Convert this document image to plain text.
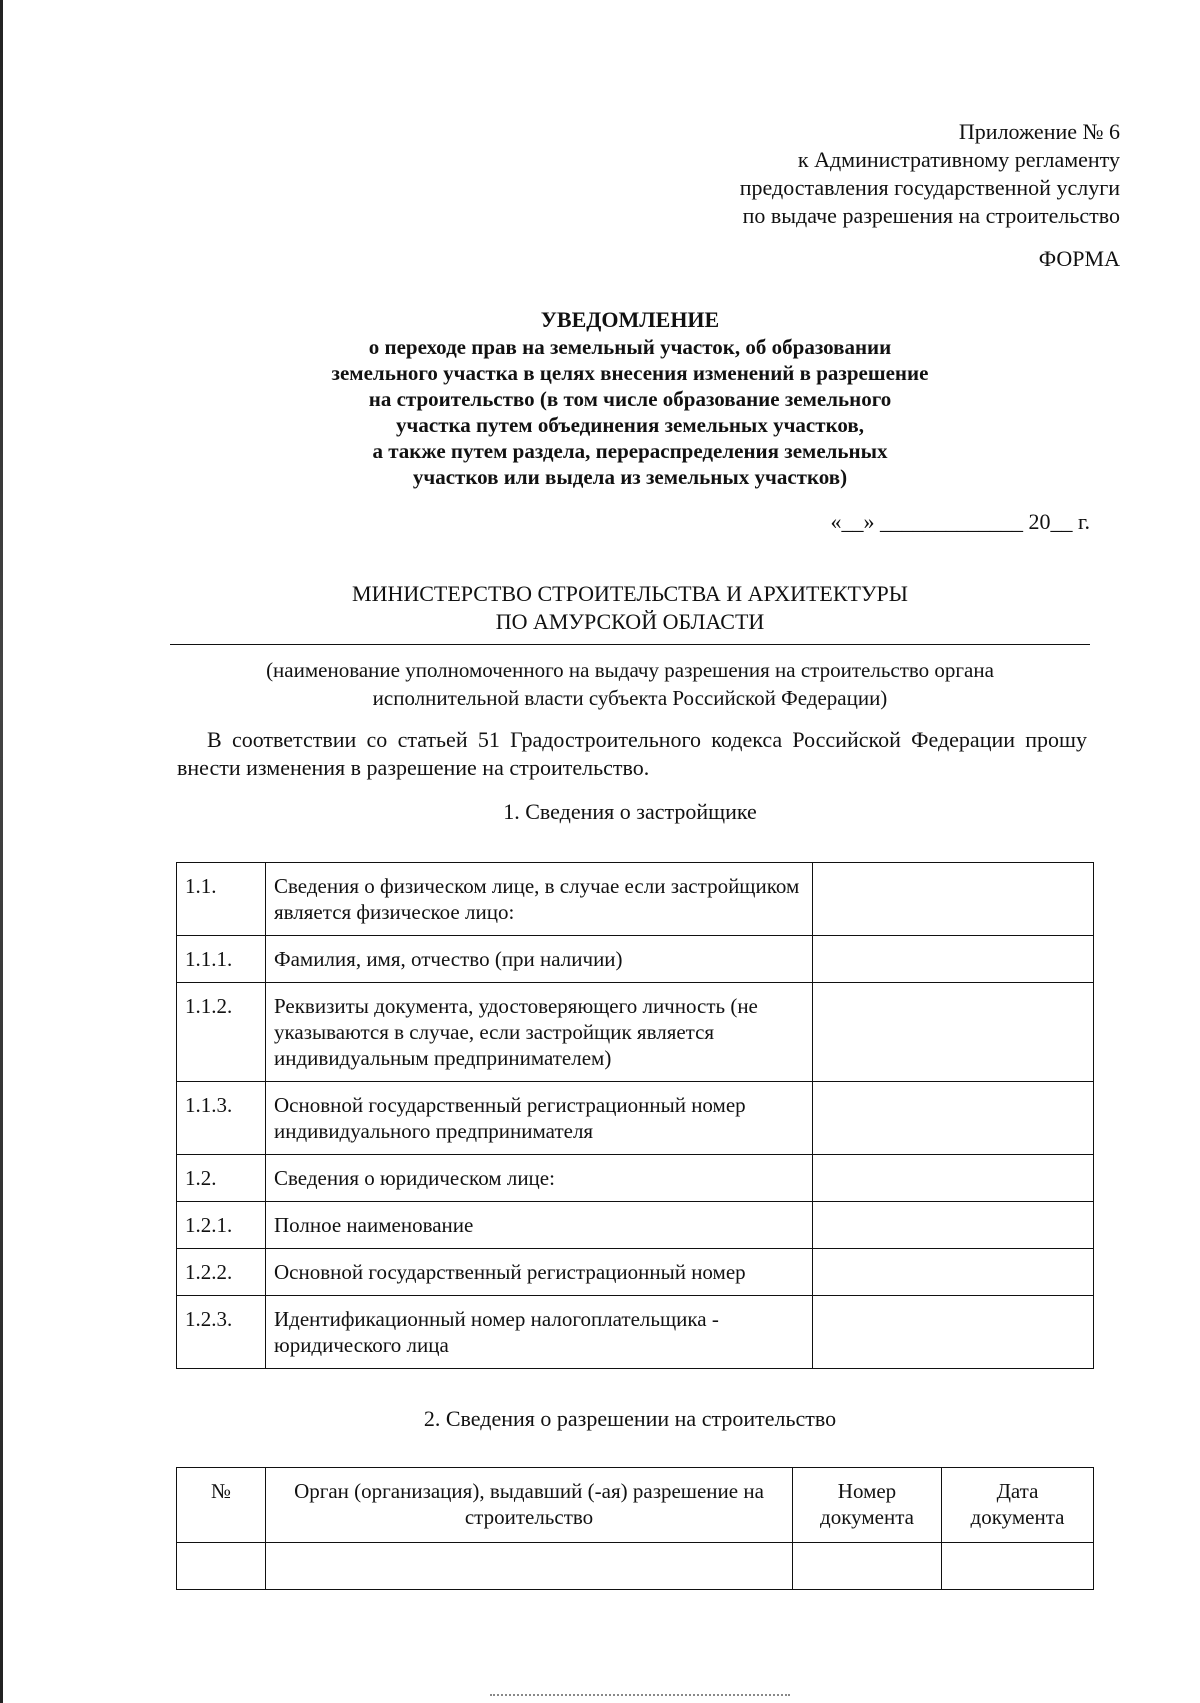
Приложение № 6
к Административному регламенту
предоставления государственной услуги
по выдаче разрешения на строительство
ФОРМА
УВЕДОМЛЕНИЕ
о переходе прав на земельный участок, об образовании
земельного участка в целях внесения изменений в разрешение
на строительство (в том числе образование земельного
участка путем объединения земельных участков,
а также путем раздела, перераспределения земельных
участков или выдела из земельных участков)
«__» _____________ 20__ г.
МИНИСТЕРСТВО СТРОИТЕЛЬСТВА И АРХИТЕКТУРЫ
ПО АМУРСКОЙ ОБЛАСТИ
(наименование уполномоченного на выдачу разрешения на строительство органа
исполнительной власти субъекта Российской Федерации)
В соответствии со статьей 51 Градостроительного кодекса Российской Федерации прошу внести изменения в разрешение на строительство.
1. Сведения о застройщике
1.1.	Сведения о физическом лице, в случае если застройщиком является физическое лицо:	
1.1.1.	Фамилия, имя, отчество (при наличии)	
1.1.2.	Реквизиты документа, удостоверяющего личность (не указываются в случае, если застройщик является индивидуальным предпринимателем)	
1.1.3.	Основной государственный регистрационный номер индивидуального предпринимателя	
1.2.	Сведения о юридическом лице:	
1.2.1.	Полное наименование	
1.2.2.	Основной государственный регистрационный номер	
1.2.3.	Идентификационный номер налогоплательщика - юридического лица	
2. Сведения о разрешении на строительство
№	Орган (организация), выдавший (-ая) разрешение на строительство	Номер документа	Дата документа
